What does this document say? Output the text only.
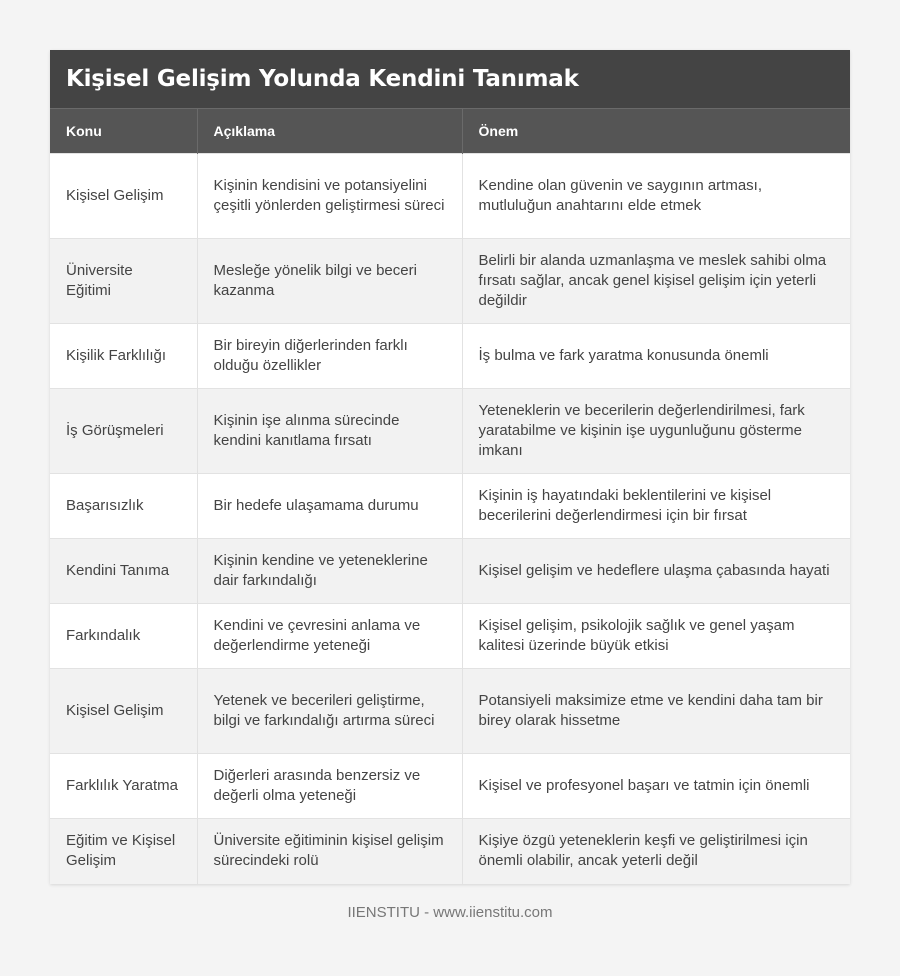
Kişisel Gelişim Yolunda Kendini Tanımak
Konu	Açıklama	Önem
Kişisel Gelişim	Kişinin kendisini ve potansiyelini çeşitli yönlerden geliştirmesi süreci	Kendine olan güvenin ve saygının artması, mutluluğun anahtarını elde etmek
Üniversite Eğitimi	Mesleğe yönelik bilgi ve beceri kazanma	Belirli bir alanda uzmanlaşma ve meslek sahibi olma fırsatı sağlar, ancak genel kişisel gelişim için yeterli değildir
Kişilik Farklılığı	Bir bireyin diğerlerinden farklı olduğu özellikler	İş bulma ve fark yaratma konusunda önemli
İş Görüşmeleri	Kişinin işe alınma sürecinde kendini kanıtlama fırsatı	Yeteneklerin ve becerilerin değerlendirilmesi, fark yaratabilme ve kişinin işe uygunluğunu gösterme imkanı
Başarısızlık	Bir hedefe ulaşamama durumu	Kişinin iş hayatındaki beklentilerini ve kişisel becerilerini değerlendirmesi için bir fırsat
Kendini Tanıma	Kişinin kendine ve yeteneklerine dair farkındalığı	Kişisel gelişim ve hedeflere ulaşma çabasında hayati
Farkındalık	Kendini ve çevresini anlama ve değerlendirme yeteneği	Kişisel gelişim, psikolojik sağlık ve genel yaşam kalitesi üzerinde büyük etkisi
Kişisel Gelişim	Yetenek ve becerileri geliştirme, bilgi ve farkındalığı artırma süreci	Potansiyeli maksimize etme ve kendini daha tam bir birey olarak hissetme
Farklılık Yaratma	Diğerleri arasında benzersiz ve değerli olma yeteneği	Kişisel ve profesyonel başarı ve tatmin için önemli
Eğitim ve Kişisel Gelişim	Üniversite eğitiminin kişisel gelişim sürecindeki rolü	Kişiye özgü yeteneklerin keşfi ve geliştirilmesi için önemli olabilir, ancak yeterli değil
IIENSTITU - www.iienstitu.com
